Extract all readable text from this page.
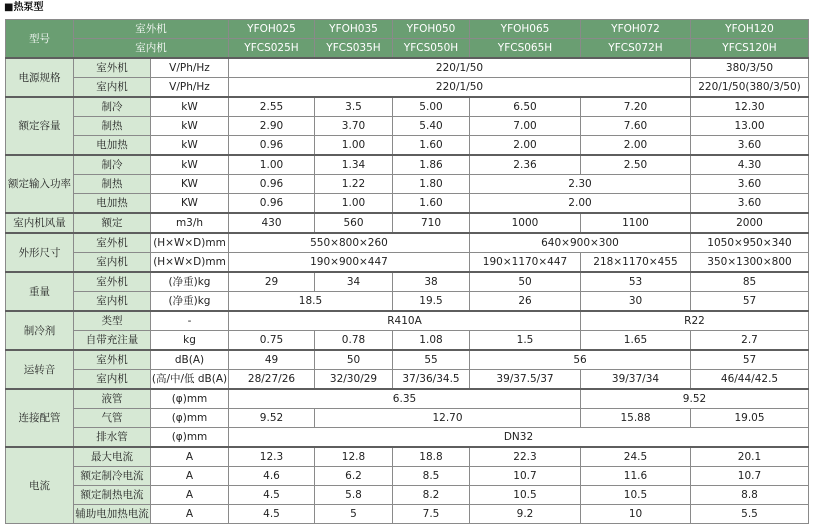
■热泵型
型号	室外机		YFOH025	YFOH035	YFOH050	YFOH065	YFOH072	YFOH120
	室内机		YFCS025H	YFCS035H	YFCS050H	YFCS065H	YFCS072H	YFCS120H
电源规格	室外机	V/Ph/Hz	220/1/50					380/3/50
	室内机	V/Ph/Hz	220/1/50					220/1/50(380/3/50)
额定容量	制冷	kW	2.55	3.5	5.00	6.50	7.20	12.30
	制热	kW	2.90	3.70	5.40	7.00	7.60	13.00
	电加热	kW	0.96	1.00	1.60	2.00	2.00	3.60
额定输入功率	制冷	kW	1.00	1.34	1.86	2.36	2.50	4.30
	制热	KW	0.96	1.22	1.80	2.30		3.60
	电加热	KW	0.96	1.00	1.60	2.00		3.60
室内机风量	额定	m3/h	430	560	710	1000	1100	2000
外形尺寸	室外机	(H×W×D)mm	550×800×260			640×900×300		1050×950×340
	室内机	(H×W×D)mm	190×900×447			190×1170×447	218×1170×455	350×1300×800
重量	室外机	(净重)kg	29	34	38	50	53	85
	室内机	(净重)kg	18.5		19.5	26	30	57
制冷剂	类型	-	R410A				R22	
	自带充注量	kg	0.75	0.78	1.08	1.5	1.65	2.7
运转音	室外机	dB(A)	49	50	55	56		57
	室内机	(高/中/低 dB(A)	28/27/26	32/30/29	37/36/34.5	39/37.5/37	39/37/34	46/44/42.5
连接配管	液管	(φ)mm	6.35				9.52	
	气管	(φ)mm	9.52	12.70			15.88	19.05
	排水管	(φ)mm	DN32					
电流	最大电流	A	12.3	12.8	18.8	22.3	24.5	20.1
	额定制冷电流	A	4.6	6.2	8.5	10.7	11.6	10.7
	额定制热电流	A	4.5	5.8	8.2	10.5	10.5	8.8
	辅助电加热电流	A	4.5	5	7.5	9.2	10	5.5
